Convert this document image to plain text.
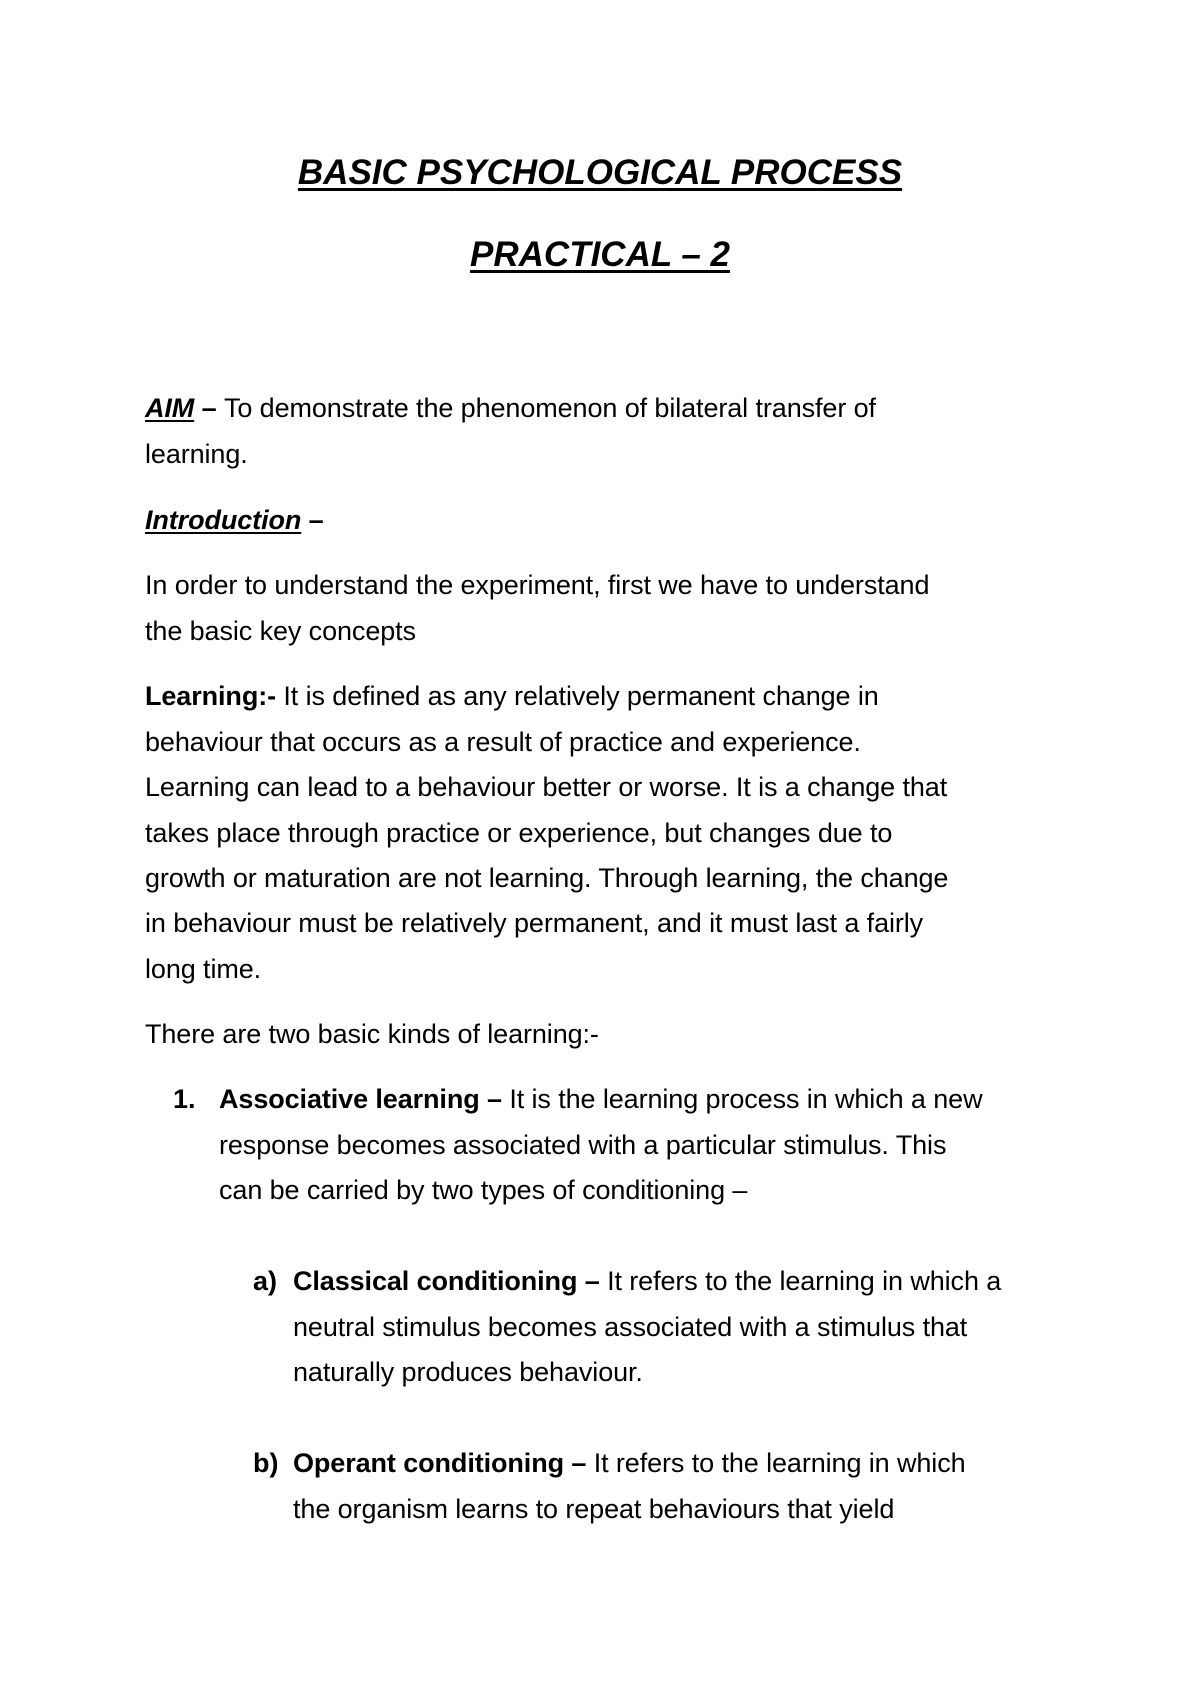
BASIC PSYCHOLOGICAL PROCESS
PRACTICAL – 2
AIM – To demonstrate the phenomenon of bilateral transfer of
learning.
Introduction –
In order to understand the experiment, first we have to understand
the basic key concepts
Learning:- It is defined as any relatively permanent change in
behaviour that occurs as a result of practice and experience.
Learning can lead to a behaviour better or worse. It is a change that
takes place through practice or experience, but changes due to
growth or maturation are not learning. Through learning, the change
in behaviour must be relatively permanent, and it must last a fairly
long time.
There are two basic kinds of learning:-
1. Associative learning – It is the learning process in which a new
response becomes associated with a particular stimulus. This
can be carried by two types of conditioning –
a) Classical conditioning – It refers to the learning in which a
neutral stimulus becomes associated with a stimulus that
naturally produces behaviour.
b) Operant conditioning – It refers to the learning in which
the organism learns to repeat behaviours that yield
